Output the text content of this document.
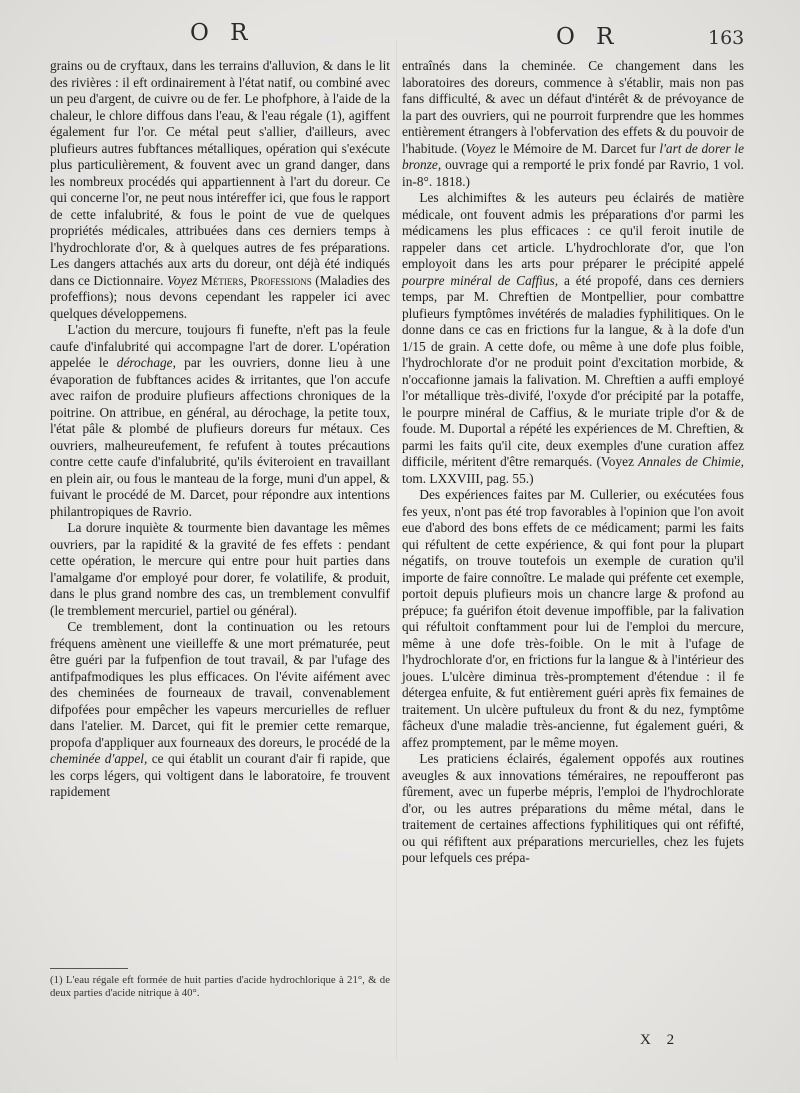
O R	O R	163

grains ou de cryftaux, dans les terrains d'alluvion, & dans le lit des rivières : il eft ordinairement à l'état natif, ou combiné avec un peu d'argent, de cuivre ou de fer. Le phofphore, à l'aide de la chaleur, le chlore diffous dans l'eau, & l'eau régale (1), agiffent également fur l'or. Ce métal peut s'allier, d'ailleurs, avec plufieurs autres fubftances métalliques, opération qui s'exécute plus particulièrement, & fouvent avec un grand danger, dans les nombreux procédés qui appartiennent à l'art du doreur. Ce qui concerne l'or, ne peut nous intéreffer ici, que fous le rapport de cette infalubrité, & fous le point de vue de quelques propriétés médicales, attribuées dans ces derniers temps à l'hydrochlorate d'or, & à quelques autres de fes préparations. Les dangers attachés aux arts du doreur, ont déjà été indiqués dans ce Dictionnaire. Voyez Métiers, Professions (Maladies des profeffions); nous devons cependant les rappeler ici avec quelques développemens.

L'action du mercure, toujours fi funefte, n'eft pas la feule caufe d'infalubrité qui accompagne l'art de dorer. L'opération appelée le dérochage, par les ouvriers, donne lieu à une évaporation de fubftances acides & irritantes, que l'on accufe avec raifon de produire plufieurs affections chroniques de la poitrine. On attribue, en général, au dérochage, la petite toux, l'état pâle & plombé de plufieurs doreurs fur métaux. Ces ouvriers, malheureufement, fe refufent à toutes précautions contre cette caufe d'infalubrité, qu'ils éviteroient en travaillant en plein air, ou fous le manteau de la forge, muni d'un appel, & fuivant le procédé de M. Darcet, pour répondre aux intentions philantropiques de Ravrio.

La dorure inquiète & tourmente bien davantage les mêmes ouvriers, par la rapidité & la gravité de fes effets : pendant cette opération, le mercure qui entre pour huit parties dans l'amalgame d'or employé pour dorer, fe volatilife, & produit, dans le plus grand nombre des cas, un tremblement convulfif (le tremblement mercuriel, partiel ou général).

Ce tremblement, dont la continuation ou les retours fréquens amènent une vieilleffe & une mort prématurée, peut être guéri par la fufpenfion de tout travail, & par l'ufage des antifpafmodiques les plus efficaces. On l'évite aifément avec des cheminées de fourneaux de travail, convenablement difpofées pour empêcher les vapeurs mercurielles de refluer dans l'atelier. M. Darcet, qui fit le premier cette remarque, propofa d'appliquer aux fourneaux des doreurs, le procédé de la cheminée d'appel, ce qui établit un courant d'air fi rapide, que les corps légers, qui voltigent dans le laboratoire, fe trouvent rapidement

(1) L'eau régale eft formée de huit parties d'acide hydrochlorique à 21°, & de deux parties d'acide nitrique à 40°.

entraînés dans la cheminée. Ce changement dans les laboratoires des doreurs, commence à s'établir, mais non pas fans difficulté, & avec un défaut d'intérêt & de prévoyance de la part des ouvriers, qui ne pourroit furprendre que les hommes entièrement étrangers à l'obfervation des effets & du pouvoir de l'habitude. (Voyez le Mémoire de M. Darcet fur l'art de dorer le bronze, ouvrage qui a remporté le prix fondé par Ravrio, 1 vol. in-8°. 1818.)

Les alchimiftes & les auteurs peu éclairés de matière médicale, ont fouvent admis les préparations d'or parmi les médicamens les plus efficaces : ce qu'il feroit inutile de rappeler dans cet article. L'hydrochlorate d'or, que l'on employoit dans les arts pour préparer le précipité appelé pourpre minéral de Caffius, a été propofé, dans ces derniers temps, par M. Chreftien de Montpellier, pour combattre plufieurs fymptômes invétérés de maladies fyphilitiques. On le donne dans ce cas en frictions fur la langue, & à la dofe d'un 1/15 de grain. A cette dofe, ou même à une dofe plus foible, l'hydrochlorate d'or ne produit point d'excitation morbide, & n'occafionne jamais la falivation. M. Chreftien a auffi employé l'or métallique très-divifé, l'oxyde d'or précipité par la potaffe, le pourpre minéral de Caffius, & le muriate triple d'or & de foude. M. Duportal a répété les expériences de M. Chreftien, & parmi les faits qu'il cite, deux exemples d'une curation affez difficile, méritent d'être remarqués. (Voyez Annales de Chimie, tom. LXXVIII, pag. 55.)

Des expériences faites par M. Cullerier, ou exécutées fous fes yeux, n'ont pas été trop favorables à l'opinion que l'on avoit eue d'abord des bons effets de ce médicament; parmi les faits qui réfultent de cette expérience, & qui font pour la plupart négatifs, on trouve toutefois un exemple de curation qu'il importe de faire connoître. Le malade qui préfente cet exemple, portoit depuis plufieurs mois un chancre large & profond au prépuce; fa guérifon étoit devenue impoffible, par la falivation qui réfultoit conftamment pour lui de l'emploi du mercure, même à une dofe très-foible. On le mit à l'ufage de l'hydrochlorate d'or, en frictions fur la langue & à l'intérieur des joues. L'ulcère diminua très-promptement d'étendue : il fe détergea enfuite, & fut entièrement guéri après fix femaines de traitement. Un ulcère puftuleux du front & du nez, fymptôme fâcheux d'une maladie très-ancienne, fut également guéri, & affez promptement, par le même moyen.

Les praticiens éclairés, également oppofés aux routines aveugles & aux innovations téméraires, ne repoufferont pas fûrement, avec un fuperbe mépris, l'emploi de l'hydrochlorate d'or, ou les autres préparations du même métal, dans le traitement de certaines affections fyphilitiques qui ont réfifté, ou qui réfiftent aux préparations mercurielles, chez les fujets pour lefquels ces prépa-

X 2
